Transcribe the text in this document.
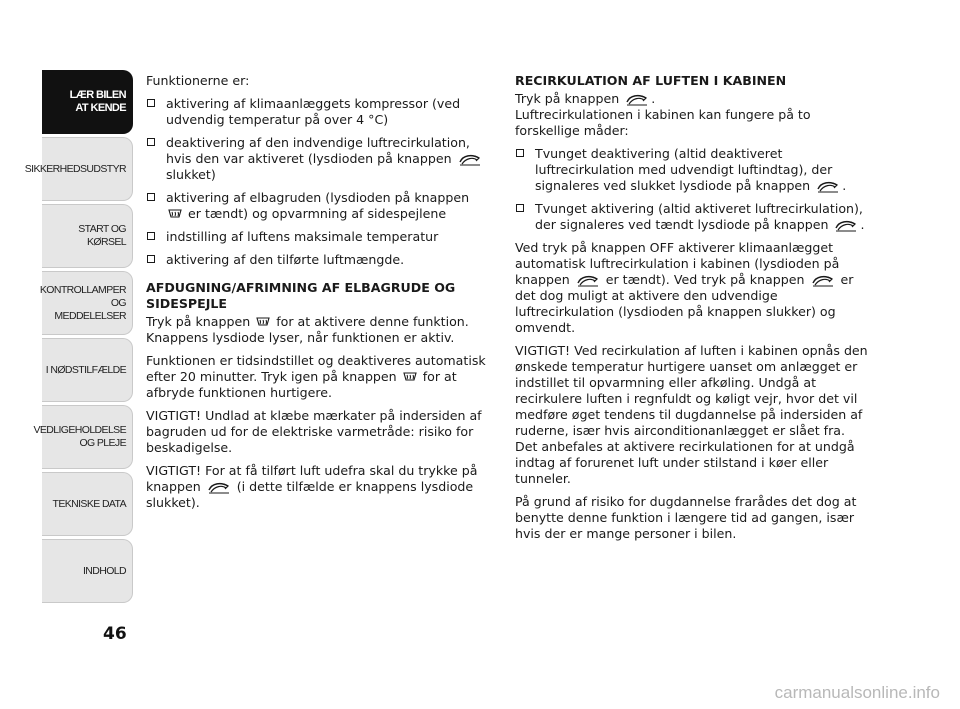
LÆR BILEN
AT KENDE
SIKKERHEDSUDSTYR
START OG KØRSEL
KONTROLLAMPER
OG MEDDELELSER
I NØDSTILFÆLDE
VEDLIGEHOLDELSE
OG PLEJE
TEKNISKE DATA
INDHOLD
46

Funktionerne er:

aktivering af klimaanlæggets kompressor (ved udvendig temperatur på over 4 °C)
deaktivering af den indvendige luftrecirkulation, hvis den var aktiveret (lysdioden på knappen  slukket)
aktivering af elbagruden (lysdioden på knappen  er tændt) og opvarmning af sidespejlene
indstilling af luftens maksimale temperatur
aktivering af den tilførte luftmængde.
AFDUGNING/AFRIMNING AF ELBAGRUDE OG SIDESPEJLE

Tryk på knappen for at aktivere denne funktion. Knappens lysdiode lyser, når funktionen er aktiv.

Funktionen er tidsindstillet og deaktiveres automatisk efter 20 minutter. Tryk igen på knappen for at afbryde funktionen hurtigere.

VIGTIGT! Undlad at klæbe mærkater på indersiden af bagruden ud for de elektriske varmetråde: risiko for beskadigelse.

VIGTIGT! For at få tilført luft udefra skal du trykke på knappen	(i dette tilfælde er knappens lysdiode slukket).

RECIRKULATION AF LUFTEN I KABINEN

Tryk på knappen	.

Luftrecirkulationen i kabinen kan fungere på to forskellige måder:

Tvunget deaktivering (altid deaktiveret luftrecirkulation med udvendigt luftindtag), der signaleres ved slukket lysdiode på knappen	.
Tvunget aktivering (altid aktiveret luftrecirkulation), der signaleres ved tændt lysdiode på knappen	.

Ved tryk på knappen OFF aktiverer klimaanlægget automatisk luftrecirkulation i kabinen (lysdioden på knappen	er tændt). Ved tryk på knappen	er det dog muligt at aktivere den udvendige luftrecirkulation (lysdioden på knappen slukker) og omvendt.

VIGTIGT! Ved recirkulation af luften i kabinen opnås den ønskede temperatur hurtigere uanset om anlægget er indstillet til opvarmning eller afkøling. Undgå at recirkulere luften i regnfuldt og køligt vejr, hvor det vil medføre øget tendens til dugdannelse på indersiden af ruderne, især hvis airconditionanlægget er slået fra. Det anbefales at aktivere recirkulationen for at undgå indtag af forurenet luft under stilstand i køer eller tunneler.

På grund af risiko for dugdannelse frarådes det dog at benytte denne funktion i længere tid ad gangen, især hvis der er mange personer i bilen.

carmanualsonline.info
